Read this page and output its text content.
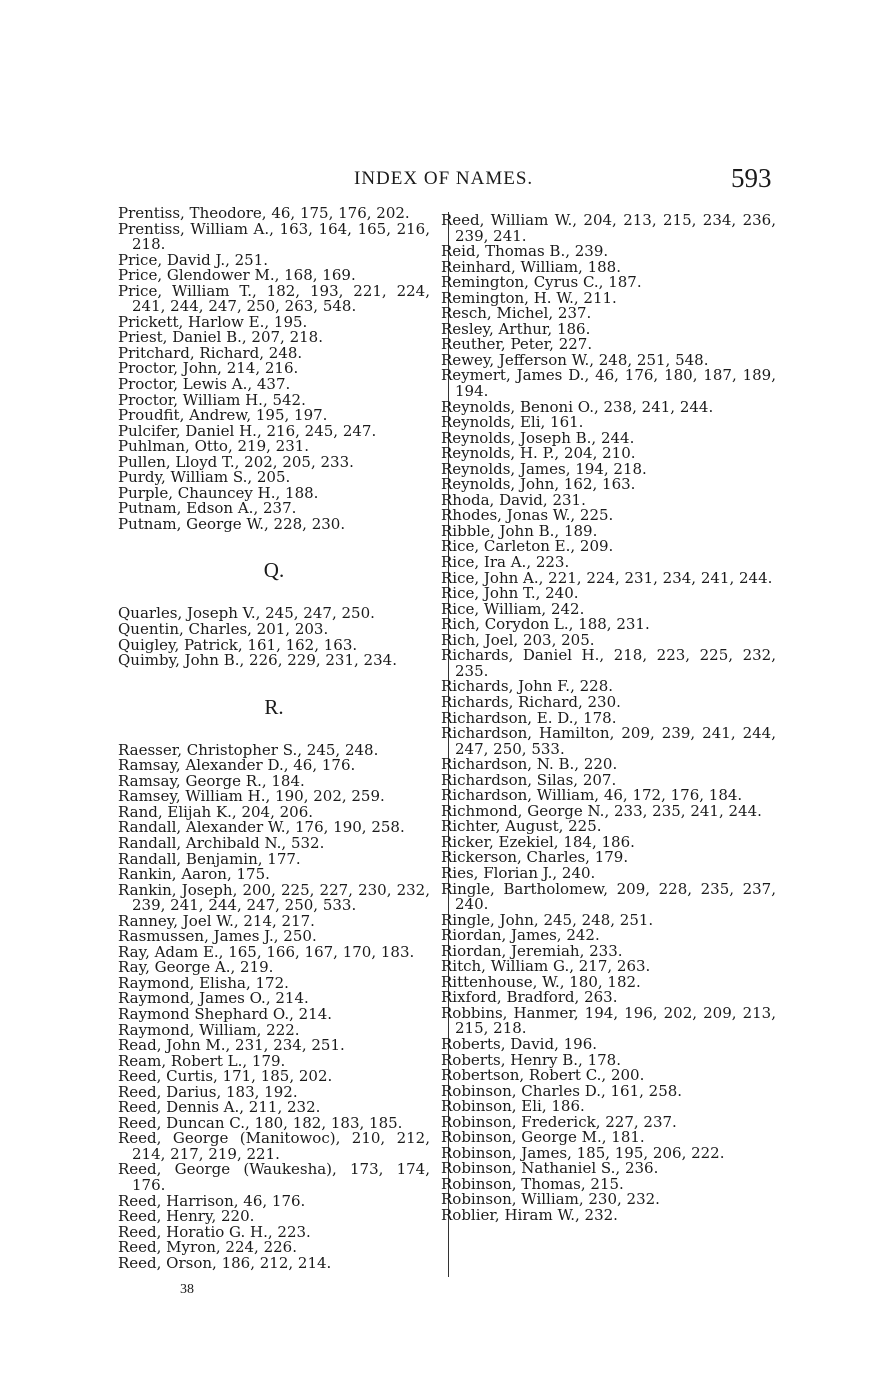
INDEX OF NAMES.	593

Prentiss, Theodore, 46, 175, 176, 202.

Prentiss, William A., 163, 164, 165, 216, 218.

Price, David J., 251.

Price, Glendower M., 168, 169.

Price, William T., 182, 193, 221, 224, 241, 244, 247, 250, 263, 548.

Prickett, Harlow E., 195.

Priest, Daniel B., 207, 218.

Pritchard, Richard, 248.

Proctor, John, 214, 216.

Proctor, Lewis A., 437.

Proctor, William H., 542.

Proudfit, Andrew, 195, 197.

Pulcifer, Daniel H., 216, 245, 247.

Puhlman, Otto, 219, 231.

Pullen, Lloyd T., 202, 205, 233.

Purdy, William S., 205.

Purple, Chauncey H., 188.

Putnam, Edson A., 237.

Putnam, George W., 228, 230.

Q.

Quarles, Joseph V., 245, 247, 250.

Quentin, Charles, 201, 203.

Quigley, Patrick, 161, 162, 163.

Quimby, John B., 226, 229, 231, 234.

R.

Raesser, Christopher S., 245, 248.

Ramsay, Alexander D., 46, 176.

Ramsay, George R., 184.

Ramsey, William H., 190, 202, 259.

Rand, Elijah K., 204, 206.

Randall, Alexander W., 176, 190, 258.

Randall, Archibald N., 532.

Randall, Benjamin, 177.

Rankin, Aaron, 175.

Rankin, Joseph, 200, 225, 227, 230, 232, 239, 241, 244, 247, 250, 533.

Ranney, Joel W., 214, 217.

Rasmussen, James J., 250.

Ray, Adam E., 165, 166, 167, 170, 183.

Ray, George A., 219.

Raymond, Elisha, 172.

Raymond, James O., 214.

Raymond Shephard O., 214.

Raymond, William, 222.

Read, John M., 231, 234, 251.

Ream, Robert L., 179.

Reed, Curtis, 171, 185, 202.

Reed, Darius, 183, 192.

Reed, Dennis A., 211, 232.

Reed, Duncan C., 180, 182, 183, 185.

Reed, George (Manitowoc), 210, 212, 214, 217, 219, 221.

Reed, George (Waukesha), 173, 174, 176.

Reed, Harrison, 46, 176.

Reed, Henry, 220.

Reed, Horatio G. H., 223.

Reed, Myron, 224, 226.

Reed, Orson, 186, 212, 214.

Reed, William W., 204, 213, 215, 234, 236, 239, 241.

Reid, Thomas B., 239.

Reinhard, William, 188.

Remington, Cyrus C., 187.

Remington, H. W., 211.

Resch, Michel, 237.

Resley, Arthur, 186.

Reuther, Peter, 227.

Rewey, Jefferson W., 248, 251, 548.

Reymert, James D., 46, 176, 180, 187, 189, 194.

Reynolds, Benoni O., 238, 241, 244.

Reynolds, Eli, 161.

Reynolds, Joseph B., 244.

Reynolds, H. P., 204, 210.

Reynolds, James, 194, 218.

Reynolds, John, 162, 163.

Rhoda, David, 231.

Rhodes, Jonas W., 225.

Ribble, John B., 189.

Rice, Carleton E., 209.

Rice, Ira A., 223.

Rice, John A., 221, 224, 231, 234, 241, 244.

Rice, John T., 240.

Rice, William, 242.

Rich, Corydon L., 188, 231.

Rich, Joel, 203, 205.

Richards, Daniel H., 218, 223, 225, 232, 235.

Richards, John F., 228.

Richards, Richard, 230.

Richardson, E. D., 178.

Richardson, Hamilton, 209, 239, 241, 244, 247, 250, 533.

Richardson, N. B., 220.

Richardson, Silas, 207.

Richardson, William, 46, 172, 176, 184.

Richmond, George N., 233, 235, 241, 244.

Richter, August, 225.

Ricker, Ezekiel, 184, 186.

Rickerson, Charles, 179.

Ries, Florian J., 240.

Ringle, Bartholomew, 209, 228, 235, 237, 240.

Ringle, John, 245, 248, 251.

Riordan, James, 242.

Riordan, Jeremiah, 233.

Ritch, William G., 217, 263.

Rittenhouse, W., 180, 182.

Rixford, Bradford, 263.

Robbins, Hanmer, 194, 196, 202, 209, 213, 215, 218.

Roberts, David, 196.

Roberts, Henry B., 178.

Robertson, Robert C., 200.

Robinson, Charles D., 161, 258.

Robinson, Eli, 186.

Robinson, Frederick, 227, 237.

Robinson, George M., 181.

Robinson, James, 185, 195, 206, 222.

Robinson, Nathaniel S., 236.

Robinson, Thomas, 215.

Robinson, William, 230, 232.

Roblier, Hiram W., 232.

38
